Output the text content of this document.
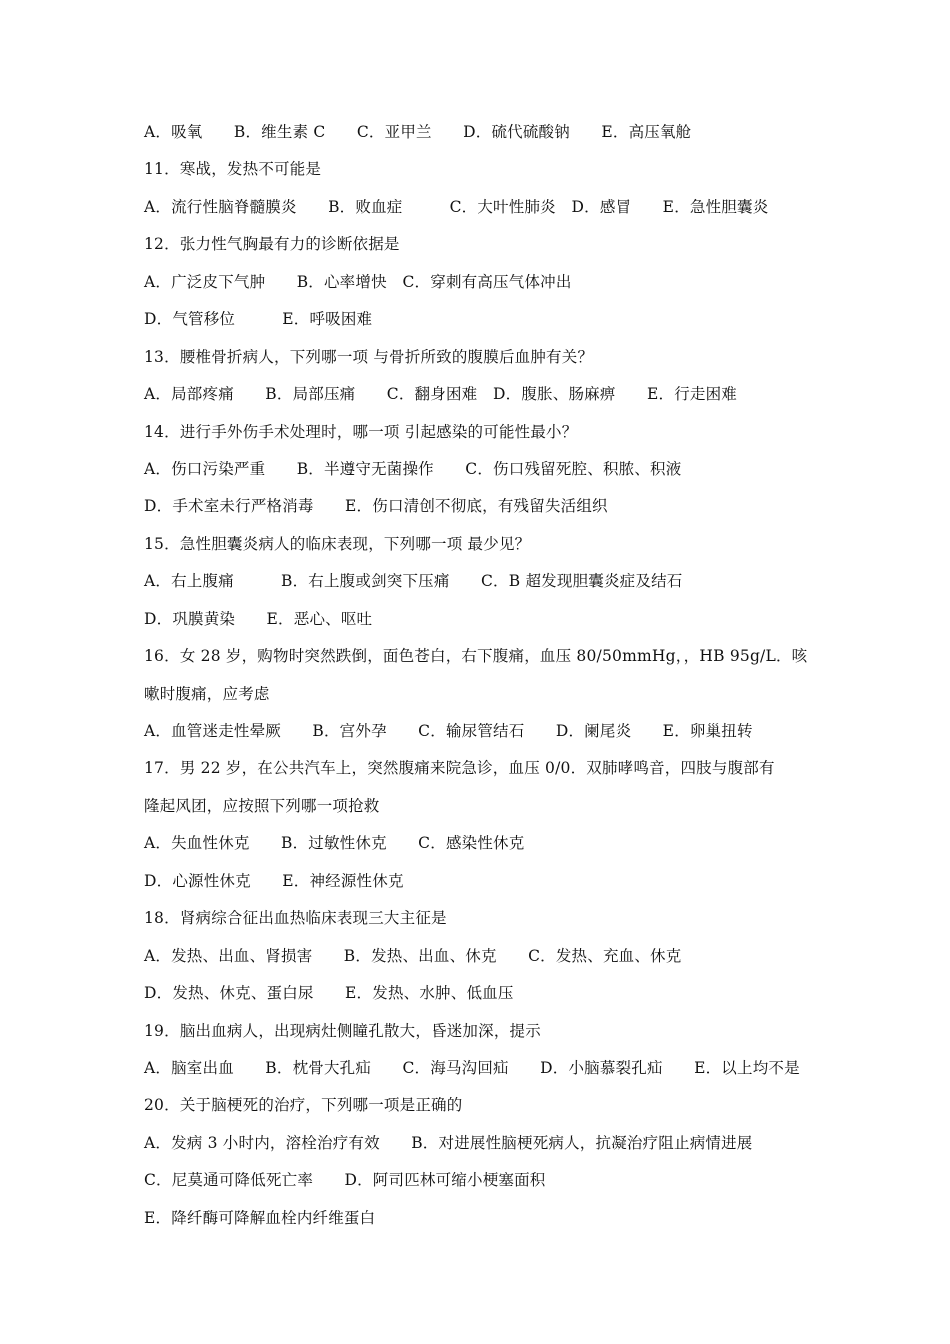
A．吸氧　　B．维生素 C　　C．亚甲兰　　D．硫代硫酸钠　　E．高压氧舱
11．寒战，发热不可能是
A．流行性脑脊髓膜炎　　B．败血症　　　C．大叶性肺炎　D．感冒　　E．急性胆囊炎
12．张力性气胸最有力的诊断依据是
A．广泛皮下气肿　　B．心率增快　C．穿刺有高压气体冲出
D．气管移位　　　E．呼吸困难
13．腰椎骨折病人，下列哪一项 与骨折所致的腹膜后血肿有关？
A．局部疼痛　　B．局部压痛　　C．翻身困难　D．腹胀、肠麻痹　　E．行走困难
14．进行手外伤手术处理时，哪一项 引起感染的可能性最小？
A．伤口污染严重　　B．半遵守无菌操作　　C．伤口残留死腔、积脓、积液
D．手术室未行严格消毒　　E．伤口清创不彻底，有残留失活组织
15．急性胆囊炎病人的临床表现，下列哪一项 最少见？
A．右上腹痛　　　B．右上腹或剑突下压痛　　C．B 超发现胆囊炎症及结石
D．巩膜黄染　　E．恶心、呕吐
16．女 28 岁，购物时突然跌倒，面色苍白，右下腹痛，血压 80/50mmHg，，HB 95g/L．咳
嗽时腹痛，应考虑
A．血管迷走性晕厥　　B．宫外孕　　C．输尿管结石　　D．阑尾炎　　E．卵巢扭转
17．男 22 岁，在公共汽车上，突然腹痛来院急诊，血压 0/0．双肺哮鸣音，四肢与腹部有
隆起风团，应按照下列哪一项抢救
A．失血性休克　　B．过敏性休克　　C．感染性休克
D．心源性休克　　E．神经源性休克
18．肾病综合征出血热临床表现三大主征是
A．发热、出血、肾损害　　B．发热、出血、休克　　C．发热、充血、休克
D．发热、休克、蛋白尿　　E．发热、水肿、低血压
19．脑出血病人，出现病灶侧瞳孔散大，昏迷加深，提示
A．脑室出血　　B．枕骨大孔疝　　C．海马沟回疝　　D．小脑慕裂孔疝　　E．以上均不是
20．关于脑梗死的治疗，下列哪一项是正确的
A．发病 3 小时内，溶栓治疗有效　　B．对进展性脑梗死病人，抗凝治疗阻止病情进展
C．尼莫通可降低死亡率　　D．阿司匹林可缩小梗塞面积
E．降纤酶可降解血栓内纤维蛋白
